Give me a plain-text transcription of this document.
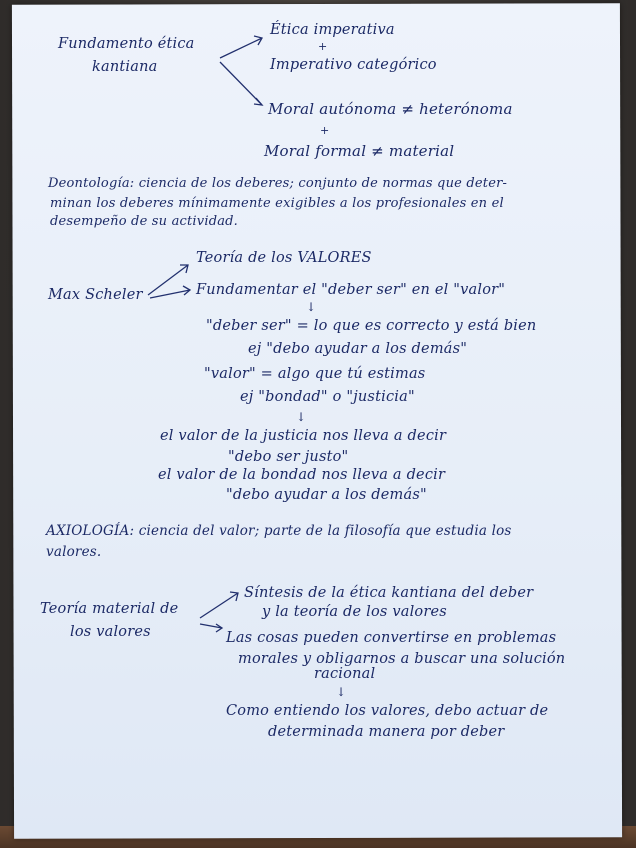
Fundamento ética
kantiana
Ética imperativa
+
Imperativo categórico
Moral autónoma ≠ heterónoma
+
Moral formal ≠ material
Deontología: ciencia de los deberes; conjunto de normas que deter-
minan los deberes mínimamente exigibles a los profesionales en el
desempeño de su actividad.
Max Scheler
Teoría de los VALORES
Fundamentar el "deber ser" en el "valor"
↓
"deber ser" = lo que es correcto y está bien
ej "debo ayudar a los demás"
"valor" = algo que tú estimas
ej "bondad" o "justicia"
↓
el valor de la justicia nos lleva a decir
"debo ser justo"
el valor de la bondad nos lleva a decir
"debo ayudar a los demás"
AXIOLOGÍA: ciencia del valor; parte de la filosofía que estudia los
valores.
Teoría material de
los valores
Síntesis de la ética kantiana del deber
y la teoría de los valores
Las cosas pueden convertirse en problemas
morales y obligarnos a buscar una solución
racional
↓
Como entiendo los valores, debo actuar de
determinada manera por deber
